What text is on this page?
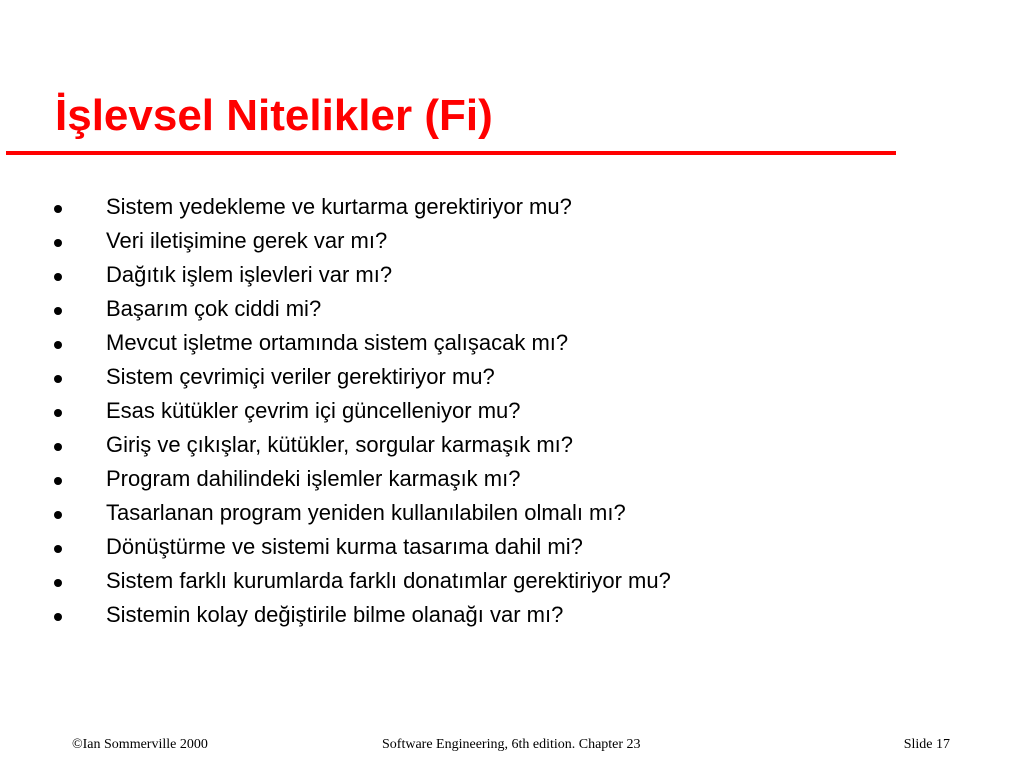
İşlevsel Nitelikler (Fi)
Sistem yedekleme ve kurtarma gerektiriyor mu?
Veri iletişimine gerek var mı?
Dağıtık işlem işlevleri var mı?
Başarım çok ciddi mi?
Mevcut işletme ortamında sistem çalışacak mı?
Sistem çevrimiçi veriler gerektiriyor mu?
Esas kütükler çevrim içi güncelleniyor mu?
Giriş ve çıkışlar, kütükler, sorgular karmaşık mı?
Program dahilindeki işlemler karmaşık mı?
Tasarlanan program yeniden kullanılabilen olmalı mı?
Dönüştürme ve sistemi kurma tasarıma dahil mi?
Sistem farklı kurumlarda farklı donatımlar gerektiriyor mu?
Sistemin kolay değiştirile bilme olanağı var mı?
©Ian Sommerville 2000	Software Engineering, 6th edition. Chapter 23	Slide 17
